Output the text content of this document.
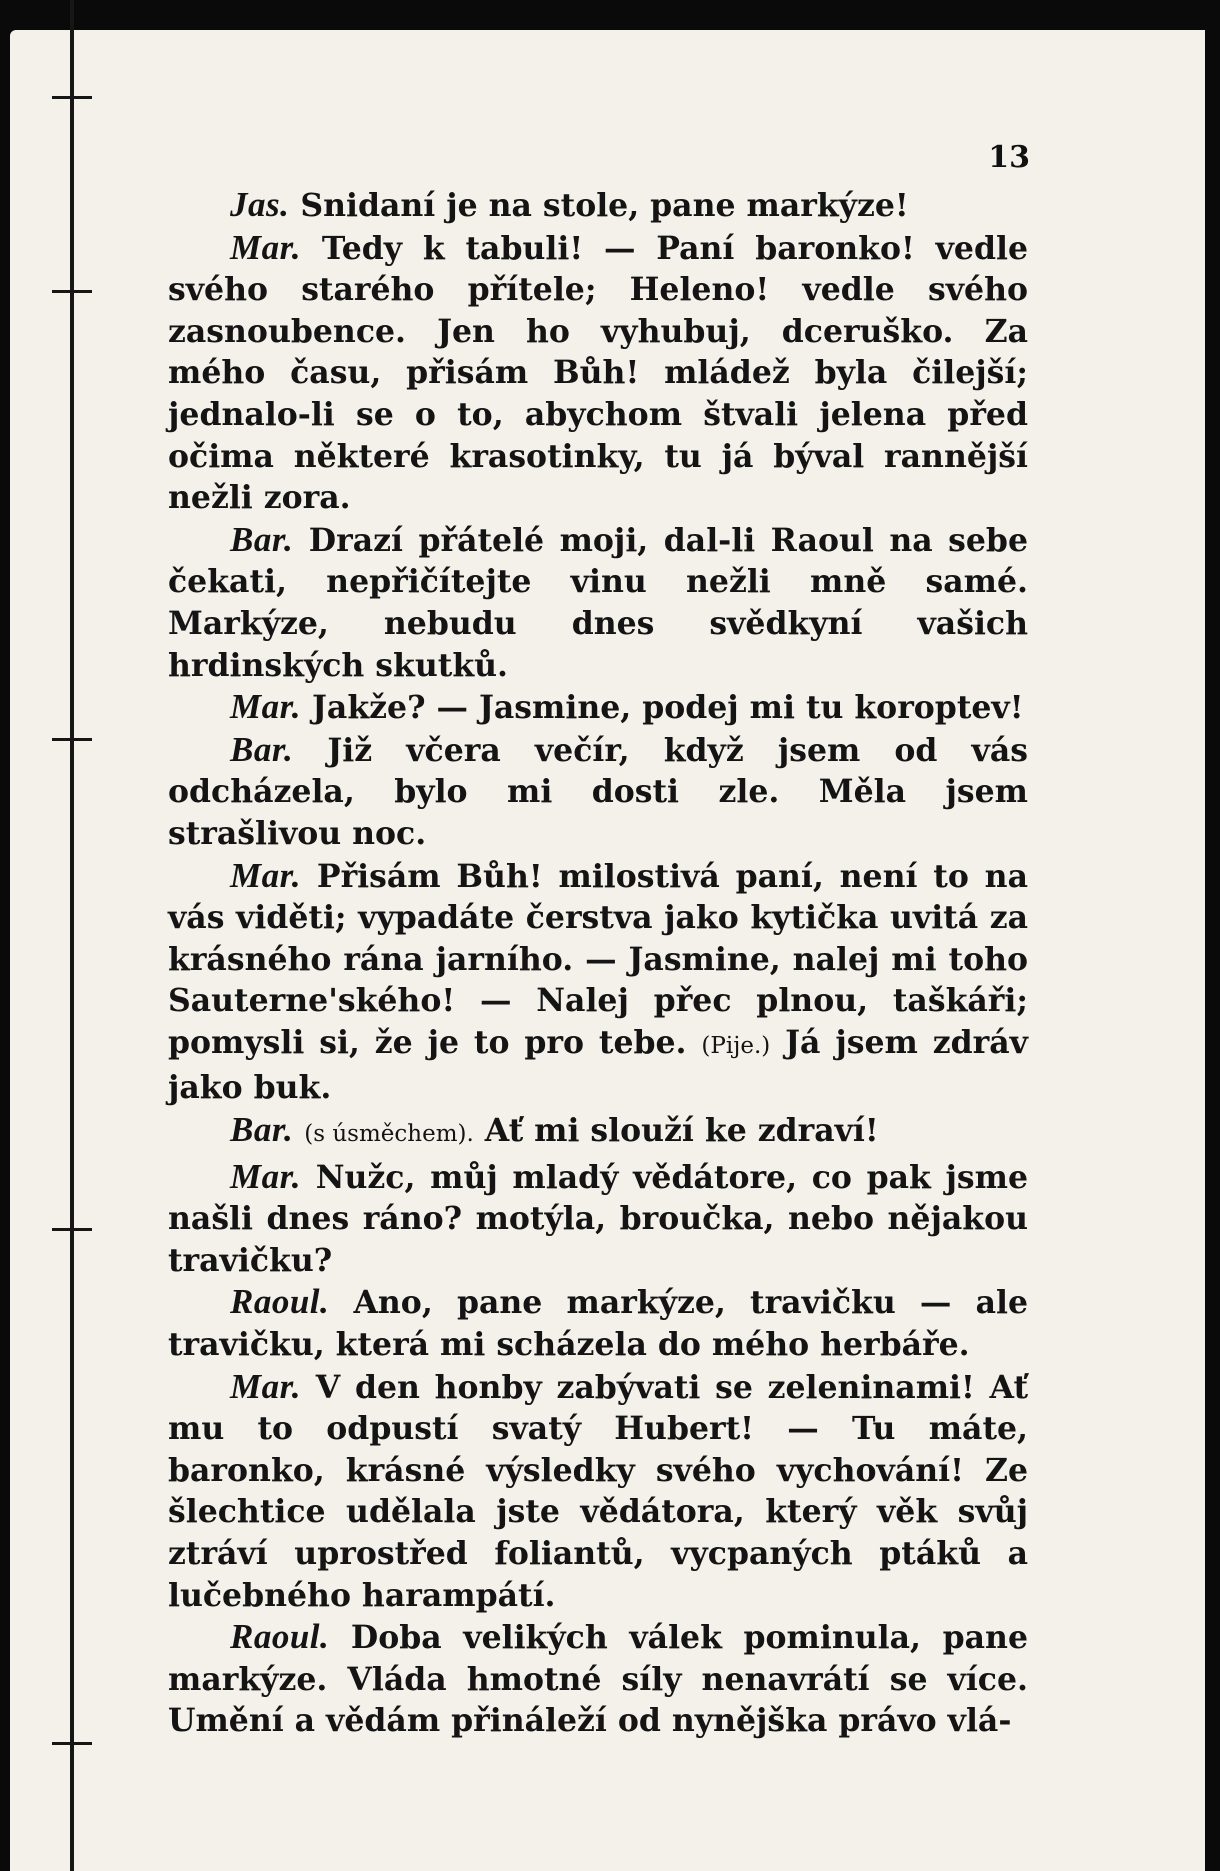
13

Jas. Snidaní je na stole, pane markýze!

Mar. Tedy k tabuli! — Paní baronko! vedle svého starého přítele; Heleno! vedle svého zasnoubence. Jen ho vyhubuj, dceruško. Za mého času, přisám Bůh! mládež byla čilejší; jednalo-li se o to, abychom štvali jelena před očima některé krasotinky, tu já býval rannější nežli zora.

Bar. Drazí přátelé moji, dal-li Raoul na sebe čekati, nepřičítejte vinu nežli mně samé. Markýze, nebudu dnes svědkyní vašich hrdinských skutků.

Mar. Jakže? — Jasmine, podej mi tu koroptev!

Bar. Již včera večír, když jsem od vás odcházela, bylo mi dosti zle. Měla jsem strašlivou noc.

Mar. Přisám Bůh! milostivá paní, není to na vás viděti; vypadáte čerstva jako kytička uvitá za krásného rána jarního. — Jasmine, nalej mi toho Sauterne'ského! — Nalej přec plnou, taškáři; pomysli si, že je to pro tebe. (Pije.) Já jsem zdráv jako buk.

Bar. (s úsměchem). Ať mi slouží ke zdraví!

Mar. Nužc, můj mladý vědátore, co pak jsme našli dnes ráno? motýla, broučka, nebo nějakou travičku?

Raoul. Ano, pane markýze, travičku — ale travičku, která mi scházela do mého herbáře.

Mar. V den honby zabývati se zeleninami! Ať mu to odpustí svatý Hubert! — Tu máte, baronko, krásné výsledky svého vychování! Ze šlechtice udělala jste vědátora, který věk svůj ztráví uprostřed foliantů, vycpaných ptáků a lučebného harampátí.

Raoul. Doba velikých válek pominula, pane markýze. Vláda hmotné síly nenavrátí se více. Umění a vědám přináleží od nynějška právo vlá-
